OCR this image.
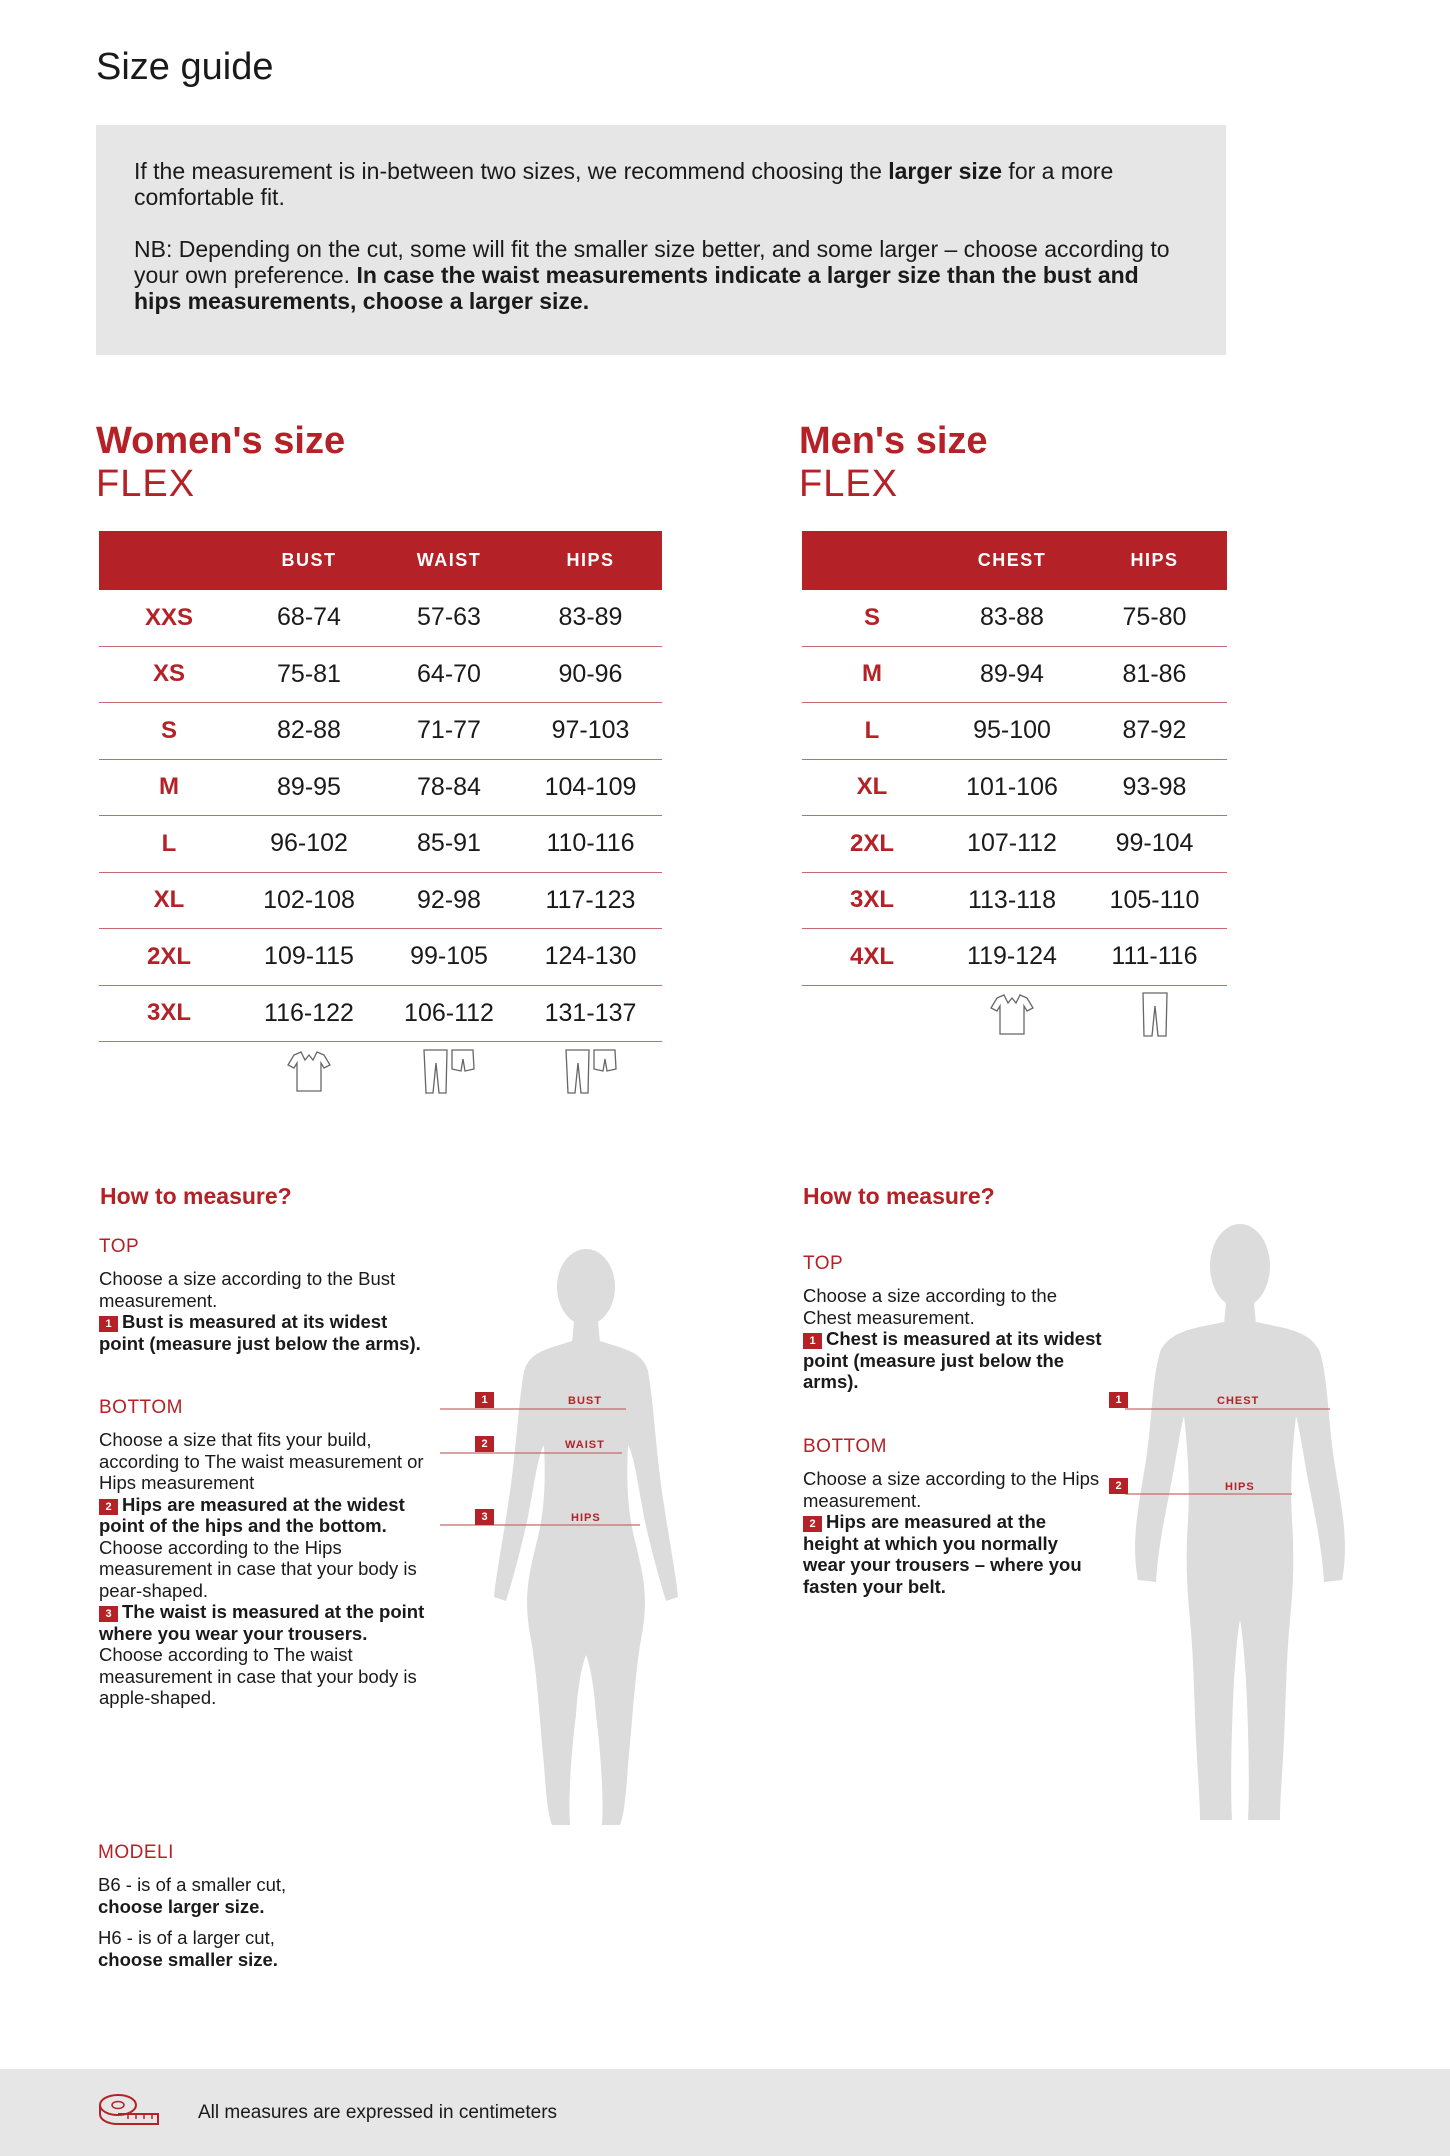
Size guide

If the measurement is in-between two sizes, we recommend choosing the larger size for a more comfortable fit.

NB: Depending on the cut, some will fit the smaller size better, and some larger – choose according to your own preference. In case the waist measurements indicate a larger size than the bust and hips measurements, choose a larger size.

Women's size
FLEX
Men's size
FLEX
	BUST	WAIST	HIPS
XXS	68-74	57-63	83-89
XS	75-81	64-70	90-96
S	82-88	71-77	97-103
M	89-95	78-84	104-109
L	96-102	85-91	110-116
XL	102-108	92-98	117-123
2XL	109-115	99-105	124-130
3XL	116-122	106-112	131-137

	CHEST	HIPS
S	83-88	75-80
M	89-94	81-86
L	95-100	87-92
XL	101-106	93-98
2XL	107-112	99-104
3XL	113-118	105-110
4XL	119-124	111-116

How to measure?
TOP
Choose a size according to the Bust measurement.
1 Bust is measured at its widest point (measure just below the arms).
BOTTOM
Choose a size that fits your build, according to The waist measurement or Hips measurement
2 Hips are measured at the widest point of the hips and the bottom.
Choose according to the Hips measurement in case that your body is pear-shaped.
3 The waist is measured at the point where you wear your trousers.
Choose according to The waist measurement in case that your body is apple-shaped.
1	BUST
2	WAIST
3	HIPS
MODELI
B6 - is of a smaller cut,
choose larger size.
H6 - is of a larger cut,
choose smaller size.
How to measure?
TOP
Choose a size according to the Chest measurement.
1 Chest is measured at its widest point (measure just below the arms).
BOTTOM
Choose a size according to the Hips measurement.
2 Hips are measured at the height at which you normally wear your trousers – where you fasten your belt.
1	CHEST
2	HIPS
All measures are expressed in centimeters
